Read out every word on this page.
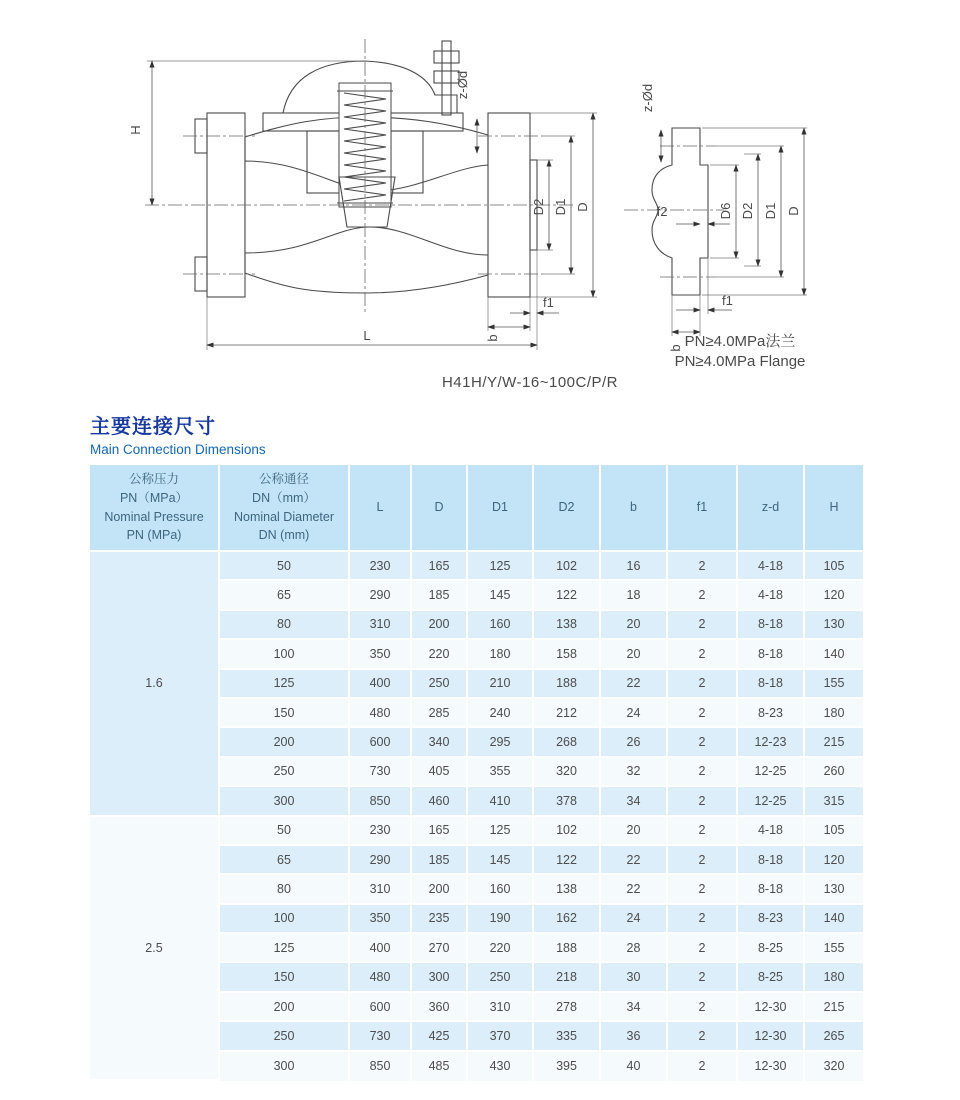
H
L	b
f1
D2 D1 D
z-Ød	z-Ød
f2	D6 D2 D1 D
f1
b
H41H/Y/W-16~100C/P/R
PN≥4.0MPa法兰
PN≥4.0MPa Flange
主要连接尺寸
Main Connection Dimensions
公称压力
PN（MPa）
Nominal Pressure
PN (MPa)

公称通径
DN（mm）
Nominal Diameter
DN (mm)
	L	D	D1	D2	b	f1	z-d	H
1.6	50	230	165	125	102	16	2	4-18	105
	65	290	185	145	122	18	2	4-18	120
	80	310	200	160	138	20	2	8-18	130
	100	350	220	180	158	20	2	8-18	140
	125	400	250	210	188	22	2	8-18	155
	150	480	285	240	212	24	2	8-23	180
	200	600	340	295	268	26	2	12-23	215
	250	730	405	355	320	32	2	12-25	260
	300	850	460	410	378	34	2	12-25	315
2.5	50	230	165	125	102	20	2	4-18	105
	65	290	185	145	122	22	2	8-18	120
	80	310	200	160	138	22	2	8-18	130
	100	350	235	190	162	24	2	8-23	140
	125	400	270	220	188	28	2	8-25	155
	150	480	300	250	218	30	2	8-25	180
	200	600	360	310	278	34	2	12-30	215
	250	730	425	370	335	36	2	12-30	265
	300	850	485	430	395	40	2	12-30	320
